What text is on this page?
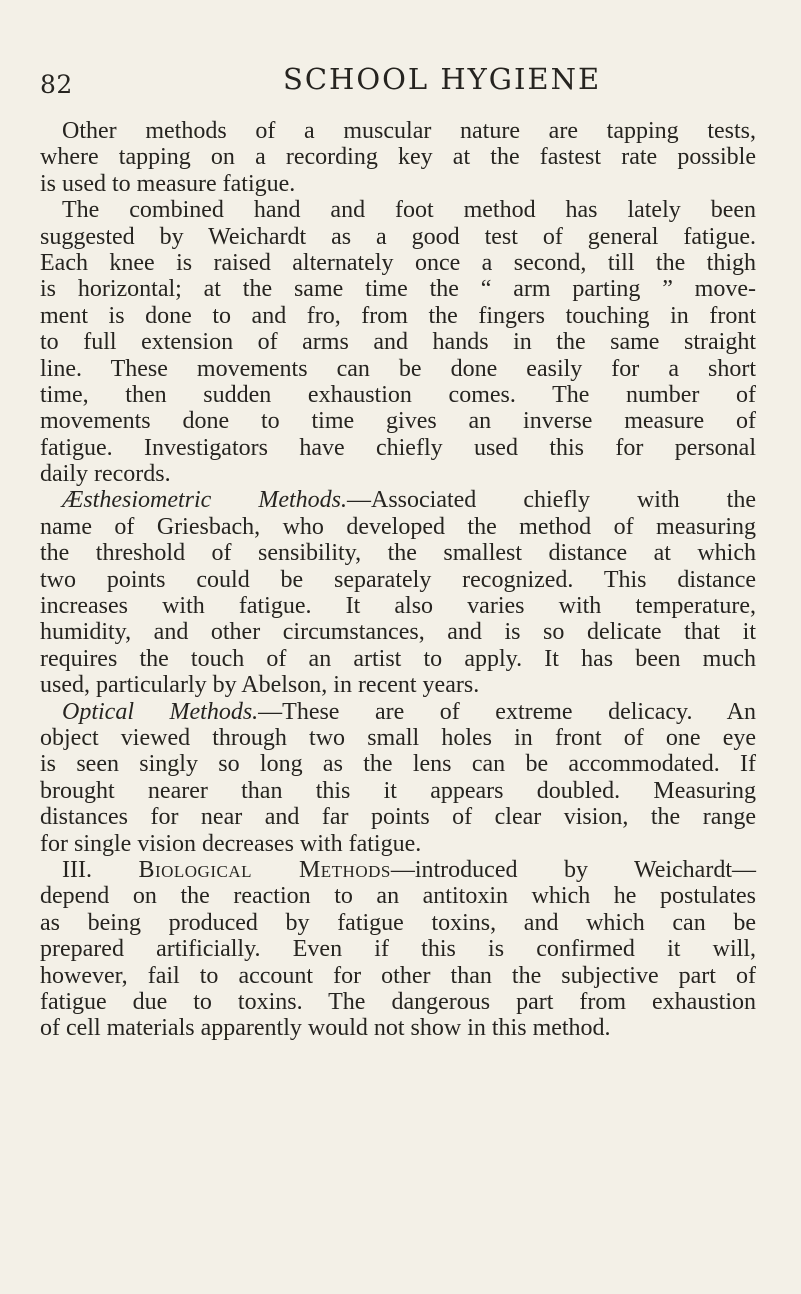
82	SCHOOL HYGIENE
Other methods of a muscular nature are tapping tests,
where tapping on a recording key at the fastest rate possible
is used to measure fatigue.
The combined hand and foot method has lately been
suggested by Weichardt as a good test of general fatigue.
Each knee is raised alternately once a second, till the thigh
is horizontal; at the same time the “ arm parting ” move-
ment is done to and fro, from the fingers touching in front
to full extension of arms and hands in the same straight
line. These movements can be done easily for a short
time, then sudden exhaustion comes. The number of
movements done to time gives an inverse measure of
fatigue. Investigators have chiefly used this for personal
daily records.
Æsthesiometric Methods.—Associated chiefly with the
name of Griesbach, who developed the method of measuring
the threshold of sensibility, the smallest distance at which
two points could be separately recognized. This distance
increases with fatigue. It also varies with temperature,
humidity, and other circumstances, and is so delicate that it
requires the touch of an artist to apply. It has been much
used, particularly by Abelson, in recent years.
Optical Methods.—These are of extreme delicacy. An
object viewed through two small holes in front of one eye
is seen singly so long as the lens can be accommodated. If
brought nearer than this it appears doubled. Measuring
distances for near and far points of clear vision, the range
for single vision decreases with fatigue.
III. Biological Methods—introduced by Weichardt—
depend on the reaction to an antitoxin which he postulates
as being produced by fatigue toxins, and which can be
prepared artificially. Even if this is confirmed it will,
however, fail to account for other than the subjective part of
fatigue due to toxins. The dangerous part from exhaustion
of cell materials apparently would not show in this method.
